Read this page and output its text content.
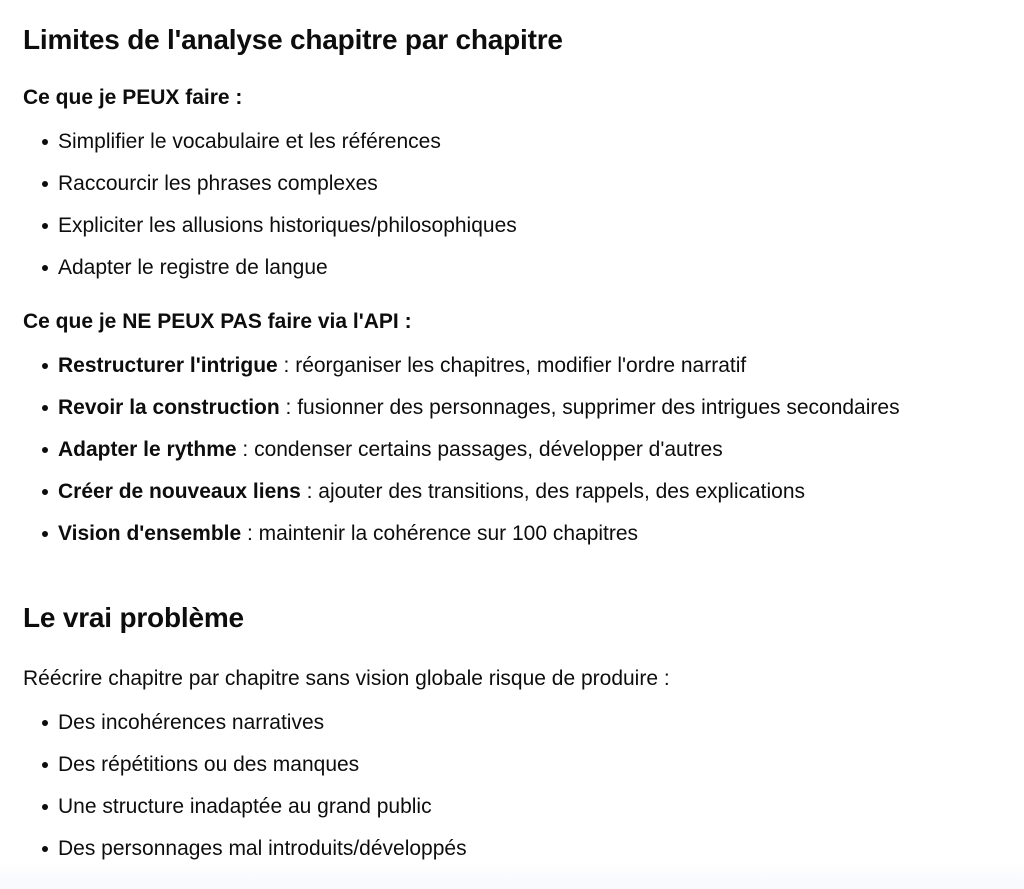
Limites de l'analyse chapitre par chapitre

Ce que je PEUX faire :

Simplifier le vocabulaire et les références
Raccourcir les phrases complexes
Expliciter les allusions historiques/philosophiques
Adapter le registre de langue

Ce que je NE PEUX PAS faire via l'API :

Restructurer l'intrigue : réorganiser les chapitres, modifier l'ordre narratif
Revoir la construction : fusionner des personnages, supprimer des intrigues secondaires
Adapter le rythme : condenser certains passages, développer d'autres
Créer de nouveaux liens : ajouter des transitions, des rappels, des explications
Vision d'ensemble : maintenir la cohérence sur 100 chapitres
Le vrai problème

Réécrire chapitre par chapitre sans vision globale risque de produire :

Des incohérences narratives
Des répétitions ou des manques
Une structure inadaptée au grand public
Des personnages mal introduits/développés
